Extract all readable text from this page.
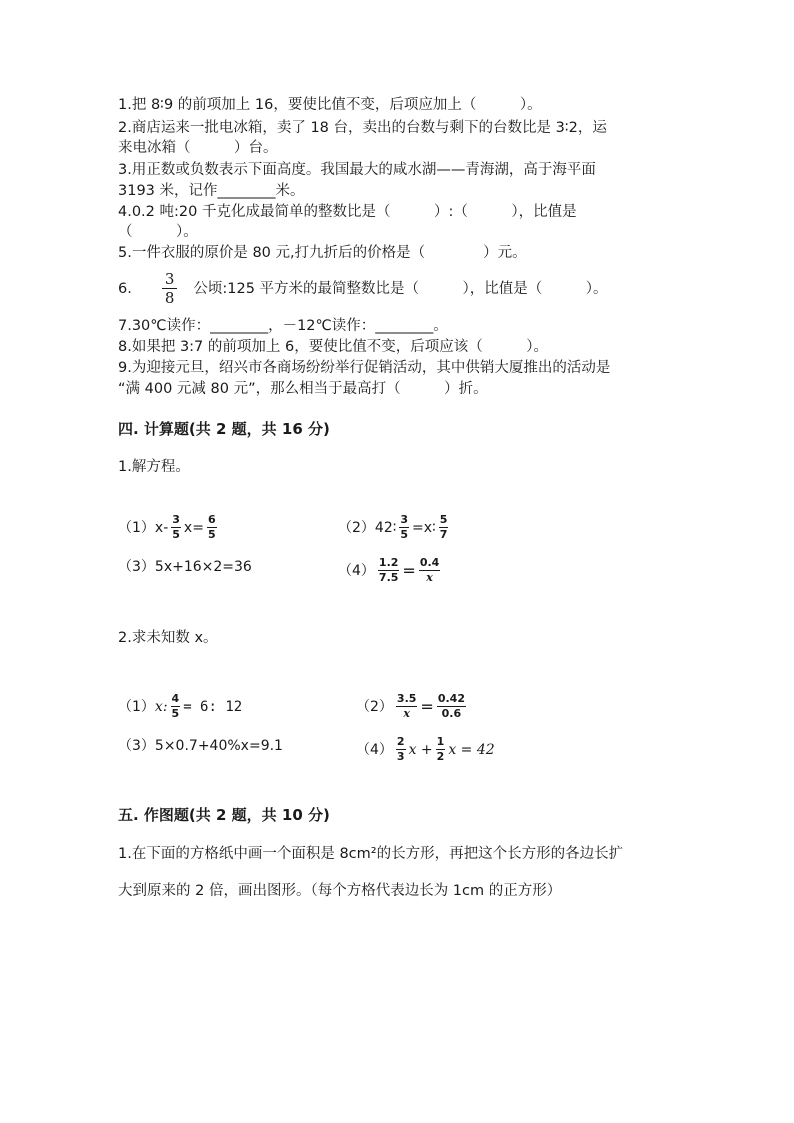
1.把 8∶9 的前项加上 16，要使比值不变，后项应加上（　　　）。
2.商店运来一批电冰箱，卖了 18 台，卖出的台数与剩下的台数比是 3∶2，运
来电冰箱（　　　）台。
3.用正数或负数表示下面高度。我国最大的咸水湖——青海湖，高于海平面
3193 米，记作________米。
4.0.2 吨:20 千克化成最简单的整数比是（　　　）:（　　　），比值是
（　　　）。
5.一件衣服的原价是 80 元,打九折后的价格是（　　　　）元。
6. $\frac{3}{8}$ 公顷:125 平方米的最简整数比是（　　　），比值是（　　　）。
7.30℃读作：________，－12℃读作：________。
8.如果把 3:7 的前项加上 6，要使比值不变，后项应该（　　　）。
9.为迎接元旦，绍兴市各商场纷纷举行促销活动，其中供销大厦推出的活动是
“满 400 元减 80 元”，那么相当于最高打（　　　）折。
四. 计算题(共 2 题，共 16 分)
1.解方程。
（1） $x- \frac{3}{5} x= \frac{6}{5}$	（2） 42∶ $\frac{3}{5}$ =x∶ $\frac{5}{7}$
（3） 5x+16×2=36	$(4) \frac{1.2}{7.5} = \frac{0.4}{x}$
2.求未知数 x。
（1） x: $\frac{4}{5} = 6$: 12	$(2) \frac{3.5}{x} = \frac{0.42}{0.6}$
（3） 5×0.7+40%x=9.1	$(4) \frac{2}{3}$ $x + \frac{1}{2}$ x = 42
五. 作图题(共 2 题，共 10 分)
1.在下面的方格纸中画一个面积是 8cm²的长方形，再把这个长方形的各边长扩
大到原来的 2 倍，画出图形。（每个方格代表边长为 1cm 的正方形）
